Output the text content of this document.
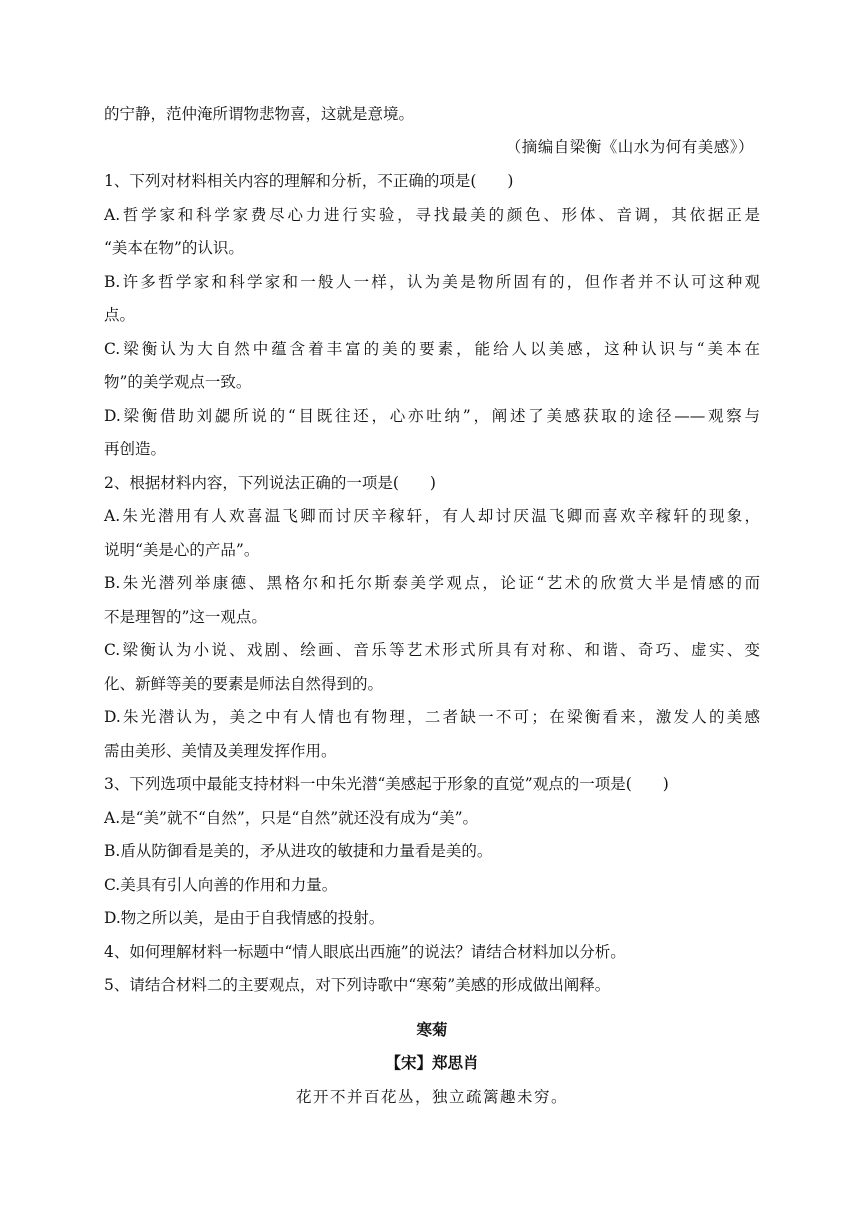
的宁静，范仲淹所谓物悲物喜，这就是意境。
（摘编自梁衡《山水为何有美感》）
1、下列对材料相关内容的理解和分析，不正确的项是(　　)
A.哲学家和科学家费尽心力进行实验，寻找最美的颜色、形体、音调，其依据正是
“美本在物”的认识。
B.许多哲学家和科学家和一般人一样，认为美是物所固有的，但作者并不认可这种观
点。
C.梁衡认为大自然中蕴含着丰富的美的要素，能给人以美感，这种认识与“美本在
物”的美学观点一致。
D.梁衡借助刘勰所说的“目既往还，心亦吐纳”，阐述了美感获取的途径——观察与
再创造。
2、根据材料内容，下列说法正确的一项是(　　)
A.朱光潜用有人欢喜温飞卿而讨厌辛稼轩，有人却讨厌温飞卿而喜欢辛稼轩的现象，
说明“美是心的产品”。
B.朱光潜列举康德、黑格尔和托尔斯泰美学观点，论证“艺术的欣赏大半是情感的而
不是理智的”这一观点。
C.梁衡认为小说、戏剧、绘画、音乐等艺术形式所具有对称、和谐、奇巧、虚实、变
化、新鲜等美的要素是师法自然得到的。
D.朱光潜认为，美之中有人情也有物理，二者缺一不可；在梁衡看来，激发人的美感
需由美形、美情及美理发挥作用。
3、下列选项中最能支持材料一中朱光潜“美感起于形象的直觉”观点的一项是(　　)
A.是“美”就不“自然”，只是“自然”就还没有成为“美”。
B.盾从防御看是美的，矛从进攻的敏捷和力量看是美的。
C.美具有引人向善的作用和力量。
D.物之所以美，是由于自我情感的投射。
4、如何理解材料一标题中“情人眼底出西施”的说法？请结合材料加以分析。
5、请结合材料二的主要观点，对下列诗歌中“寒菊”美感的形成做出阐释。
寒菊
【宋】郑思肖
花开不并百花丛，独立疏篱趣未穷。
